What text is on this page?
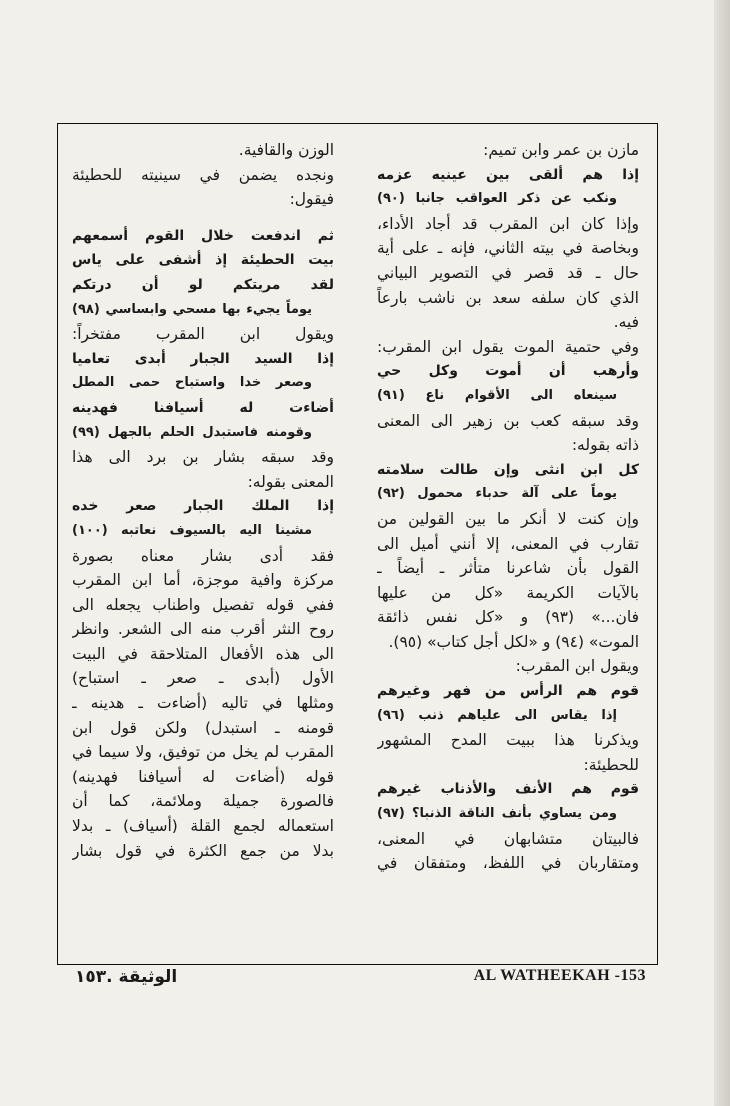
مازن بن عمر وابن تميم:
إذا هم ألقى بين عينيه عزمه
ونكب عن ذكر العواقب جانبا (٩٠)
وإذا كان ابن المقرب قد أجاد الأداء،
وبخاصة في بيته الثاني، فإنه ـ على أية
حال ـ قد قصر في التصوير البياني
الذي كان سلفه سعد بن ناشب بارعاً
فيه.
وفي حتمية الموت يقول ابن المقرب:
وأرهب أن أموت وكل حي
سينعاه الى الأقوام ناع (٩١)
وقد سبقه كعب بن زهير الى المعنى
ذاته بقوله:
كل ابن انثى وإن طالت سلامته
يوماً على آلة حدباء محمول (٩٢)
وإن كنت لا أنكر ما بين القولين من
تقارب في المعنى، إلا أنني أميل الى
القول بأن شاعرنا متأثر ـ أيضاً ـ
بالآيات الكريمة «كل من عليها
فان...» (٩٣) و «كل نفس ذائقة
الموت» (٩٤) و «لكل أجل كتاب» (٩٥).
ويقول ابن المقرب:
قوم هم الرأس من فهر وغيرهم
إذا يقاس الى علياهم ذنب (٩٦)
ويذكرنا هذا ببيت المدح المشهور
للحطيئة:
قوم هم الأنف والأذناب غيرهم
ومن يساوي بأنف الناقة الذنبا؟ (٩٧)
فالبيتان متشابهان في المعنى،
ومتقاربان في اللفظ، ومتفقان في
الوزن والقافية.
ونجده يضمن في سينيته للحطيئة
فيقول:
ثم اندفعت خلال القوم أسمعهم
بيت الحطيئة إذ أشفى على ياس
لقد مريتكم لو أن درتكم
يوماً يجيء بها مسحي وابساسي (٩٨)
ويقول ابن المقرب مفتخراً:
إذا السيد الجبار أبدى تعاميا
وصعر خدا واستباح حمى المطل
أضاءت له أسيافنا فهدينه
وقومنه فاستبدل الحلم بالجهل (٩٩)
وقد سبقه بشار بن برد الى هذا
المعنى بقوله:
إذا الملك الجبار صعر خده
مشينا اليه بالسيوف نعاتبه (١٠٠)
فقد أدى بشار معناه بصورة
مركزة وافية موجزة، أما ابن المقرب
ففي قوله تفصيل واطناب يجعله الى
روح النثر أقرب منه الى الشعر. وانظر
الى هذه الأفعال المتلاحقة في البيت
الأول (أبدى ـ صعر ـ استباح)
ومثلها في تاليه (أضاءت ـ هدينه ـ
قومنه ـ استبدل) ولكن قول ابن
المقرب لم يخل من توفيق، ولا سيما في
قوله (أضاءت له أسيافنا فهدينه)
فالصورة جميلة وملائمة، كما أن
استعماله لجمع القلة (أسياف) ـ بدلا
بدلا من جمع الكثرة في قول بشار
الوثيقة .١٥٣	AL WATHEEKAH -153
